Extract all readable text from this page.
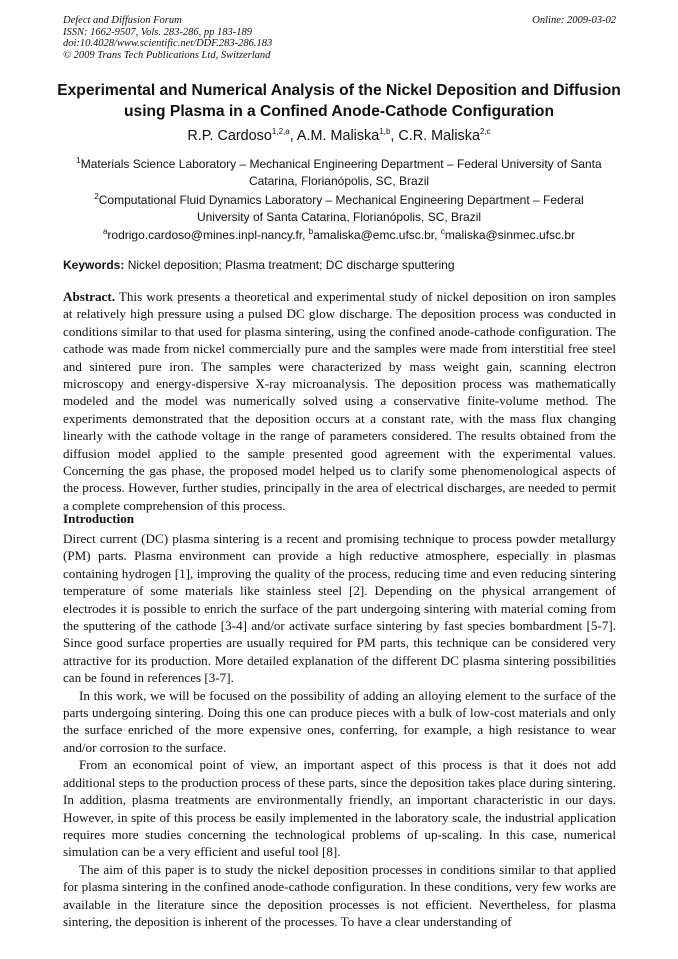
Defect and Diffusion Forum
ISSN: 1662-9507, Vols. 283-286, pp 183-189
doi:10.4028/www.scientific.net/DDF.283-286.183
© 2009 Trans Tech Publications Ltd, Switzerland
Online: 2009-03-02
Experimental and Numerical Analysis of the Nickel Deposition and Diffusion using Plasma in a Confined Anode-Cathode Configuration
R.P. Cardoso$^{1,2,a}$, A.M. Maliska$^{1,b}$, C.R. Maliska$^{2,c}$
$^1$Materials Science Laboratory – Mechanical Engineering Department – Federal University of Santa Catarina, Florianópolis, SC, Brazil
$^2$Computational Fluid Dynamics Laboratory – Mechanical Engineering Department – Federal University of Santa Catarina, Florianópolis, SC, Brazil
$^a$rodrigo.cardoso@mines.inpl-nancy.fr, $^b$amaliska@emc.ufsc.br, $^c$maliska@sinmec.ufsc.br
Keywords: Nickel deposition; Plasma treatment; DC discharge sputtering
Abstract. This work presents a theoretical and experimental study of nickel deposition on iron samples at relatively high pressure using a pulsed DC glow discharge. The deposition process was conducted in conditions similar to that used for plasma sintering, using the confined anode-cathode configuration. The cathode was made from nickel commercially pure and the samples were made from interstitial free steel and sintered pure iron. The samples were characterized by mass weight gain, scanning electron microscopy and energy-dispersive X-ray microanalysis. The deposition process was mathematically modeled and the model was numerically solved using a conservative finite-volume method. The experiments demonstrated that the deposition occurs at a constant rate, with the mass flux changing linearly with the cathode voltage in the range of parameters considered. The results obtained from the diffusion model applied to the sample presented good agreement with the experimental values. Concerning the gas phase, the proposed model helped us to clarify some phenomenological aspects of the process. However, further studies, principally in the area of electrical discharges, are needed to permit a complete comprehension of this process.
Introduction

Direct current (DC) plasma sintering is a recent and promising technique to process powder metallurgy (PM) parts. Plasma environment can provide a high reductive atmosphere, especially in plasmas containing hydrogen [1], improving the quality of the process, reducing time and even reducing sintering temperature of some materials like stainless steel [2]. Depending on the physical arrangement of electrodes it is possible to enrich the surface of the part undergoing sintering with material coming from the sputtering of the cathode [3-4] and/or activate surface sintering by fast species bombardment [5-7]. Since good surface properties are usually required for PM parts, this technique can be considered very attractive for its production. More detailed explanation of the different DC plasma sintering possibilities can be found in references [3-7].

In this work, we will be focused on the possibility of adding an alloying element to the surface of the parts undergoing sintering. Doing this one can produce pieces with a bulk of low-cost materials and only the surface enriched of the more expensive ones, conferring, for example, a high resistance to wear and/or corrosion to the surface.

From an economical point of view, an important aspect of this process is that it does not add additional steps to the production process of these parts, since the deposition takes place during sintering. In addition, plasma treatments are environmentally friendly, an important characteristic in our days. However, in spite of this process be easily implemented in the laboratory scale, the industrial application requires more studies concerning the technological problems of up-scaling. In this case, numerical simulation can be a very efficient and useful tool [8].

The aim of this paper is to study the nickel deposition processes in conditions similar to that applied for plasma sintering in the confined anode-cathode configuration. In these conditions, very few works are available in the literature since the deposition processes is not efficient. Nevertheless, for plasma sintering, the deposition is inherent of the processes. To have a clear understanding of
